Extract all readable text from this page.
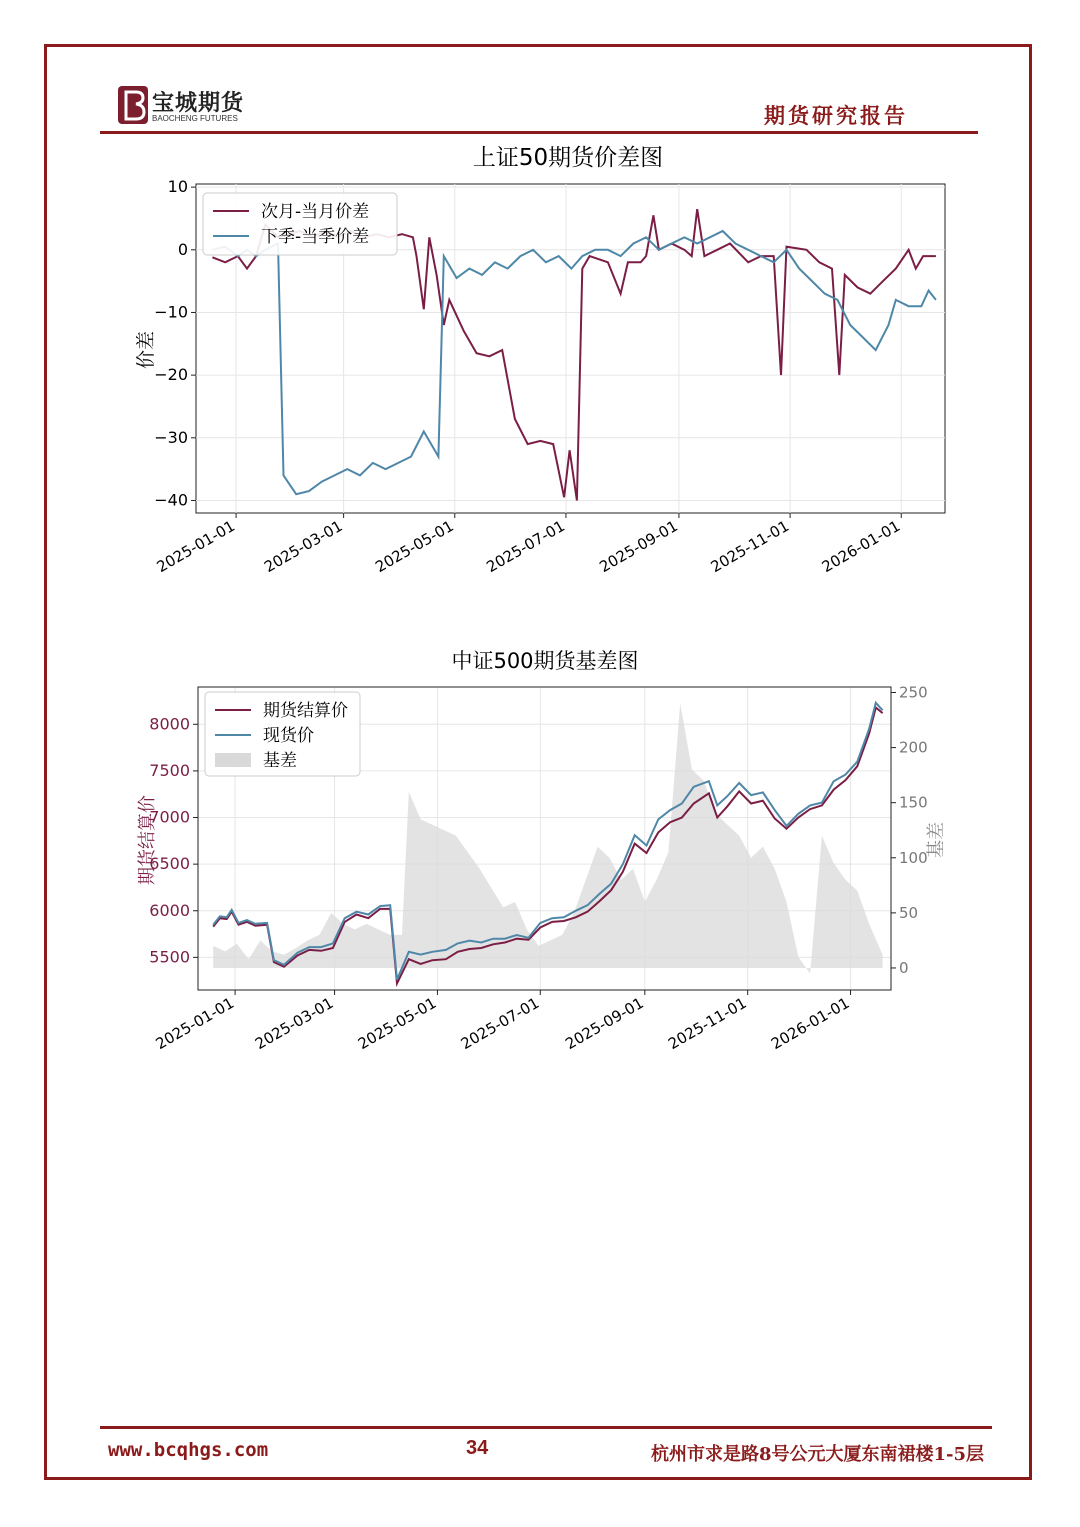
宝城期货
BAOCHENG FUTURES	期货研究报告
上证50期货价差图
10
0
−10
−20
−30
−40
2025-01-01 2025-03-01 2025-05-01 2025-07-01 2025-09-01 2025-11-01 2026-01-01
价差
次月-当月价差
下季-当季价差
中证500期货基差图
8000
7500
7000
6500
6000
5500
250
200
150
100
50
0
2025-01-01 2025-03-01 2025-05-01 2025-07-01 2025-09-01 2025-11-01 2026-01-01
期货结算价	基差
期货结算价
现货价
基差
www.bcqhgs.com	34	杭州市求是路8号公元大厦东南裙楼1-5层
